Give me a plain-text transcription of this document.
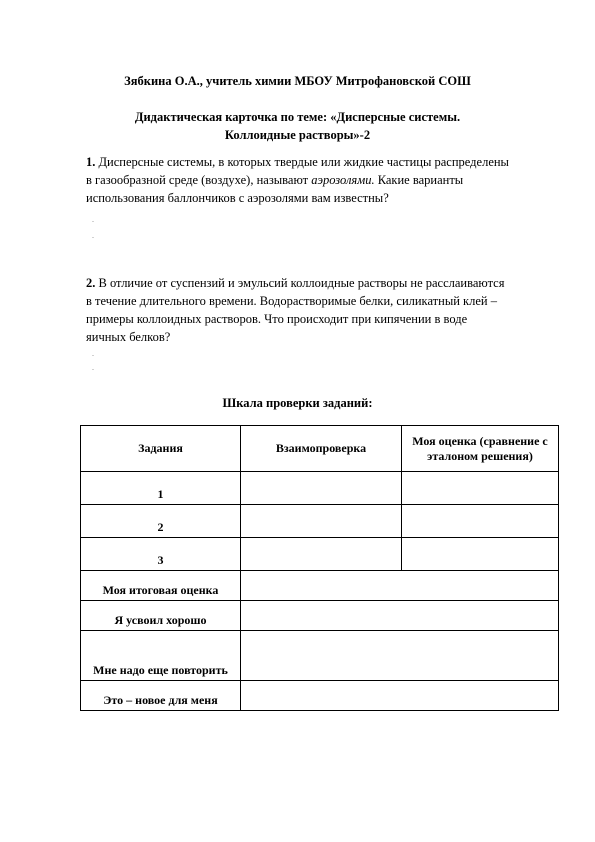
Зябкина О.А., учитель химии МБОУ Митрофановской СОШ
Дидактическая карточка по теме: «Дисперсные системы.
Коллоидные растворы»-2
1. Дисперсные системы, в которых твердые или жидкие частицы распределены
в газообразной среде (воздухе), называют аэрозолями. Какие варианты
использования баллончиков с аэрозолями вам известны?
.
.
2. В отличие от суспензий и эмульсий коллоидные растворы не расслаиваются
в течение длительного времени. Водорастворимые белки, силикатный клей –
примеры коллоидных растворов. Что происходит при кипячении в воде
яичных белков?
.
.
Шкала проверки заданий:
Задания	Взаимопроверка	Моя оценка (сравнение с эталоном решения)
1		
2		
3		
Моя итоговая оценка		
Я усвоил хорошо		
Мне надо еще повторить		
Это – новое для меня		
